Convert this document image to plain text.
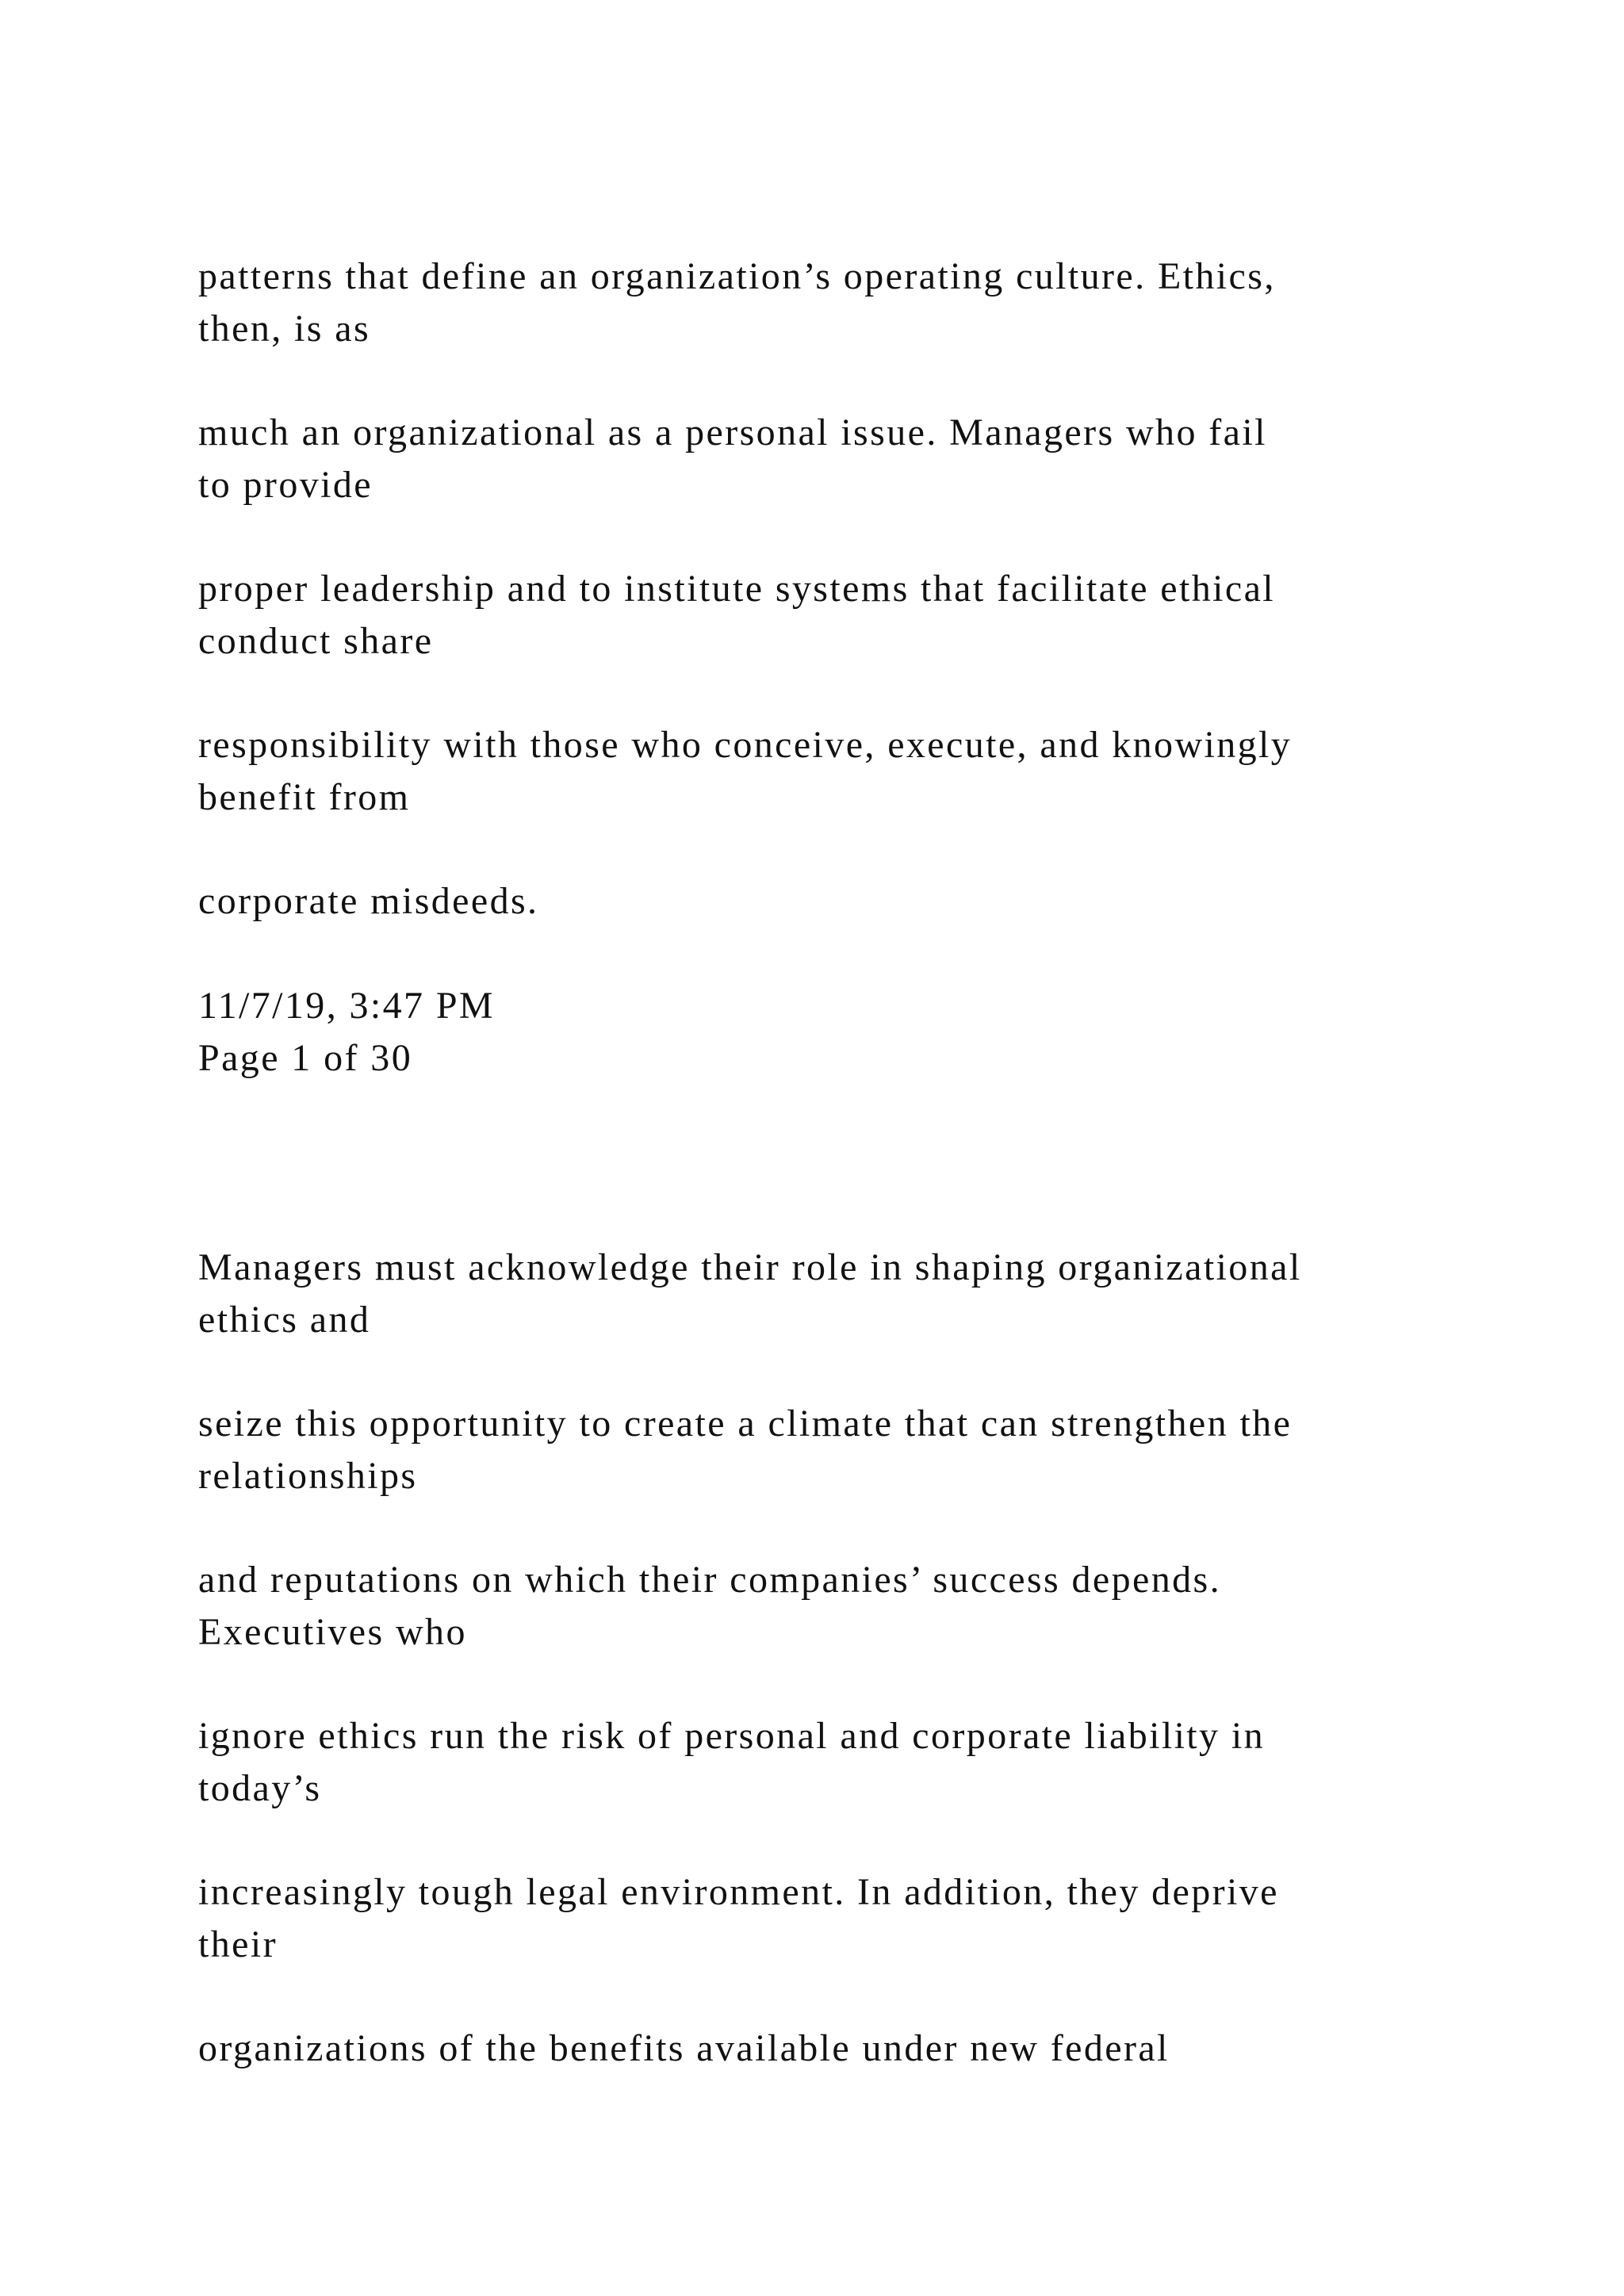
patterns that define an organization’s operating culture. Ethics,
then, is as

much an organizational as a personal issue. Managers who fail
to provide

proper leadership and to institute systems that facilitate ethical
conduct share

responsibility with those who conceive, execute, and knowingly
benefit from

corporate misdeeds.

11/7/19, 3:47 PM
Page 1 of 30

Managers must acknowledge their role in shaping organizational
ethics and

seize this opportunity to create a climate that can strengthen the
relationships

and reputations on which their companies’ success depends.
Executives who

ignore ethics run the risk of personal and corporate liability in
today’s

increasingly tough legal environment. In addition, they deprive
their

organizations of the benefits available under new federal
